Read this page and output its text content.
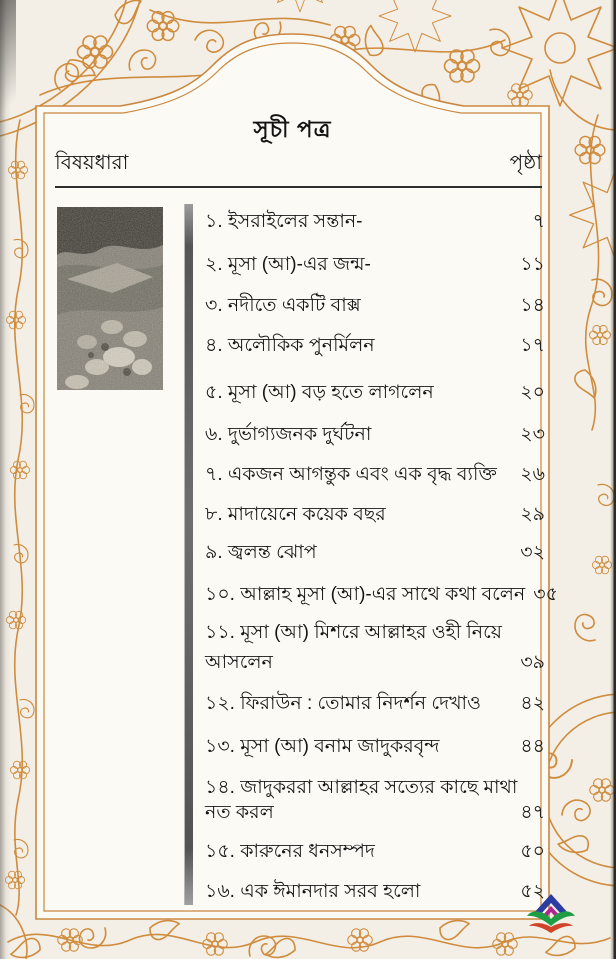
সূচী পত্র
বিষয়ধারা	পৃষ্ঠা
১. ইসরাইলের সন্তান-	৭
২. মূসা (আ)-এর জন্ম-	১১
৩. নদীতে একটি বাক্স	১৪
৪. অলৌকিক পুনর্মিলন	১৭
৫. মূসা (আ) বড় হতে লাগলেন	২০
৬. দুর্ভাগ্যজনক দুর্ঘটনা	২৩
৭. একজন আগন্তুক এবং এক বৃদ্ধ ব্যক্তি ২৬
৮. মাদায়েনে কয়েক বছর	২৯
৯. জ্বলন্ত ঝোপ	৩২
১০. আল্লাহ মূসা (আ)-এর সাথে কথা বলেন ৩৫
১১. মূসা (আ) মিশরে আল্লাহর ওহী নিয়ে
আসলেন	৩৯
১২. ফিরাউন : তোমার নিদর্শন দেখাও ৪২
১৩. মূসা (আ) বনাম জাদুকরবৃন্দ	৪৪
১৪. জাদুকররা আল্লাহর সত্যের কাছে মাথা
নত করল	৪৭
১৫. কারুনের ধনসম্পদ	৫০
১৬. এক ঈমানদার সরব হলো	৫২
